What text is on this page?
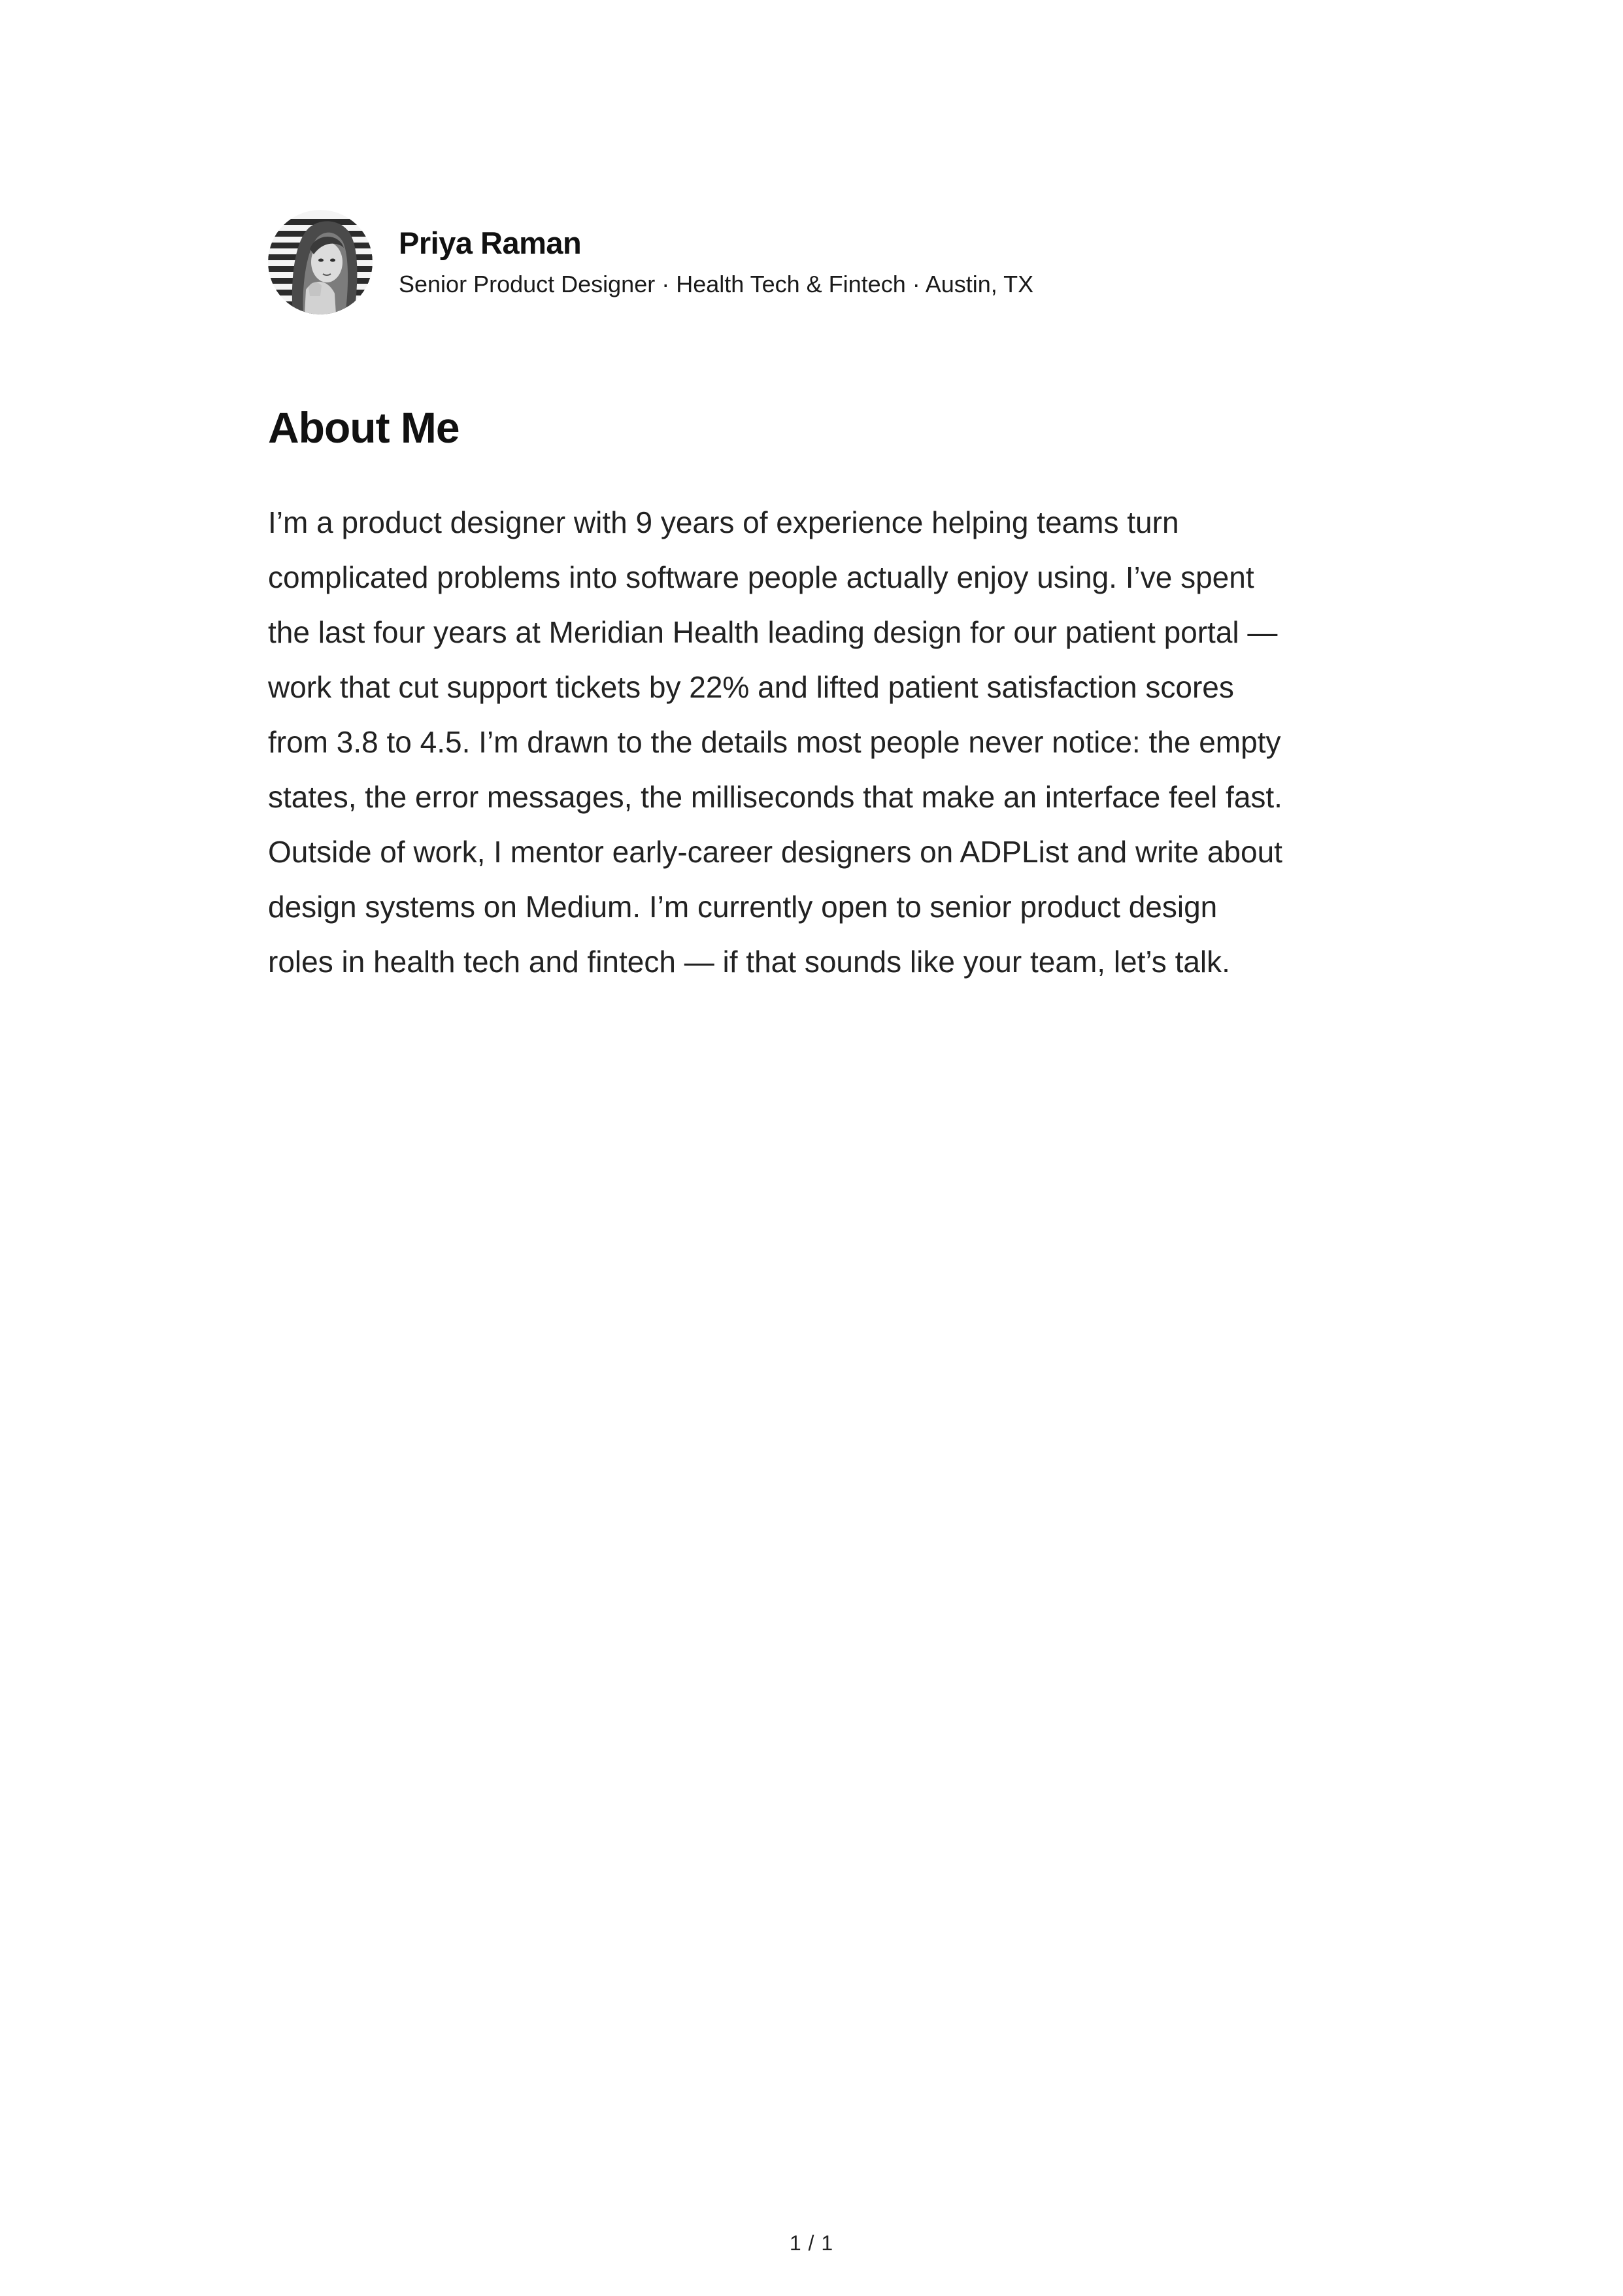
Priya Raman
Senior Product Designer · Health Tech & Fintech · Austin, TX
About Me

I’m a product designer with 9 years of experience helping teams turn complicated problems into software people actually enjoy using. I’ve spent the last four years at Meridian Health leading design for our patient portal — work that cut support tickets by 22% and lifted patient satisfaction scores from 3.8 to 4.5. I’m drawn to the details most people never notice: the empty states, the error messages, the milliseconds that make an interface feel fast. Outside of work, I mentor early-career designers on ADPList and write about design systems on Medium. I’m currently open to senior product design roles in health tech and fintech — if that sounds like your team, let’s talk.

1 / 1
